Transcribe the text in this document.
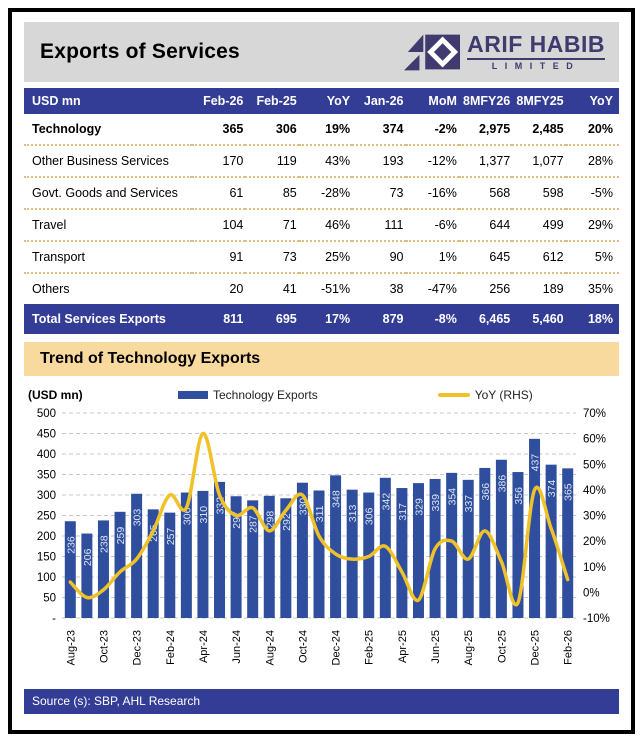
Exports of Services	ARIF HABIB
LIMITED
USD mn	Feb-26	Feb-25	YoY	Jan-26	MoM	8MFY26	8MFY25	YoY
Technology	365	306	19%	374	-2%	2,975	2,485	20%
Other Business Services	170	119	43%	193	-12%	1,377	1,077	28%
Govt. Goods and Services	61	85	-28%	73	-16%	568	598	-5%
Travel	104	71	46%	111	-6%	644	499	29%
Transport	91	73	25%	90	1%	645	612	5%
Others	20	41	-51%	38	-47%	256	189	35%
Total Services Exports	811	695	17%	879	-8%	6,465	5,460	18%
Trend of Technology Exports
(USD mn)	Technology Exports	YoY (RHS)
-
50
100
150
200
250
300
350
400
450
500
-10%
0%
10%
20%
30%
40%
50%
60%
70%
236
206
238 259
303
265 257
306 310
332
297 287 298 292
330 311
348
313 306
342
317 329 339 354 337
366 386
356
437
374 365
Aug-23 Oct-23 Dec-23 Feb-24 Apr-24 Jun-24 Aug-24 Oct-24 Dec-24 Feb-25 Apr-25 Jun-25 Aug-25 Oct-25 Dec-25 Feb-26
Source (s): SBP, AHL Research
